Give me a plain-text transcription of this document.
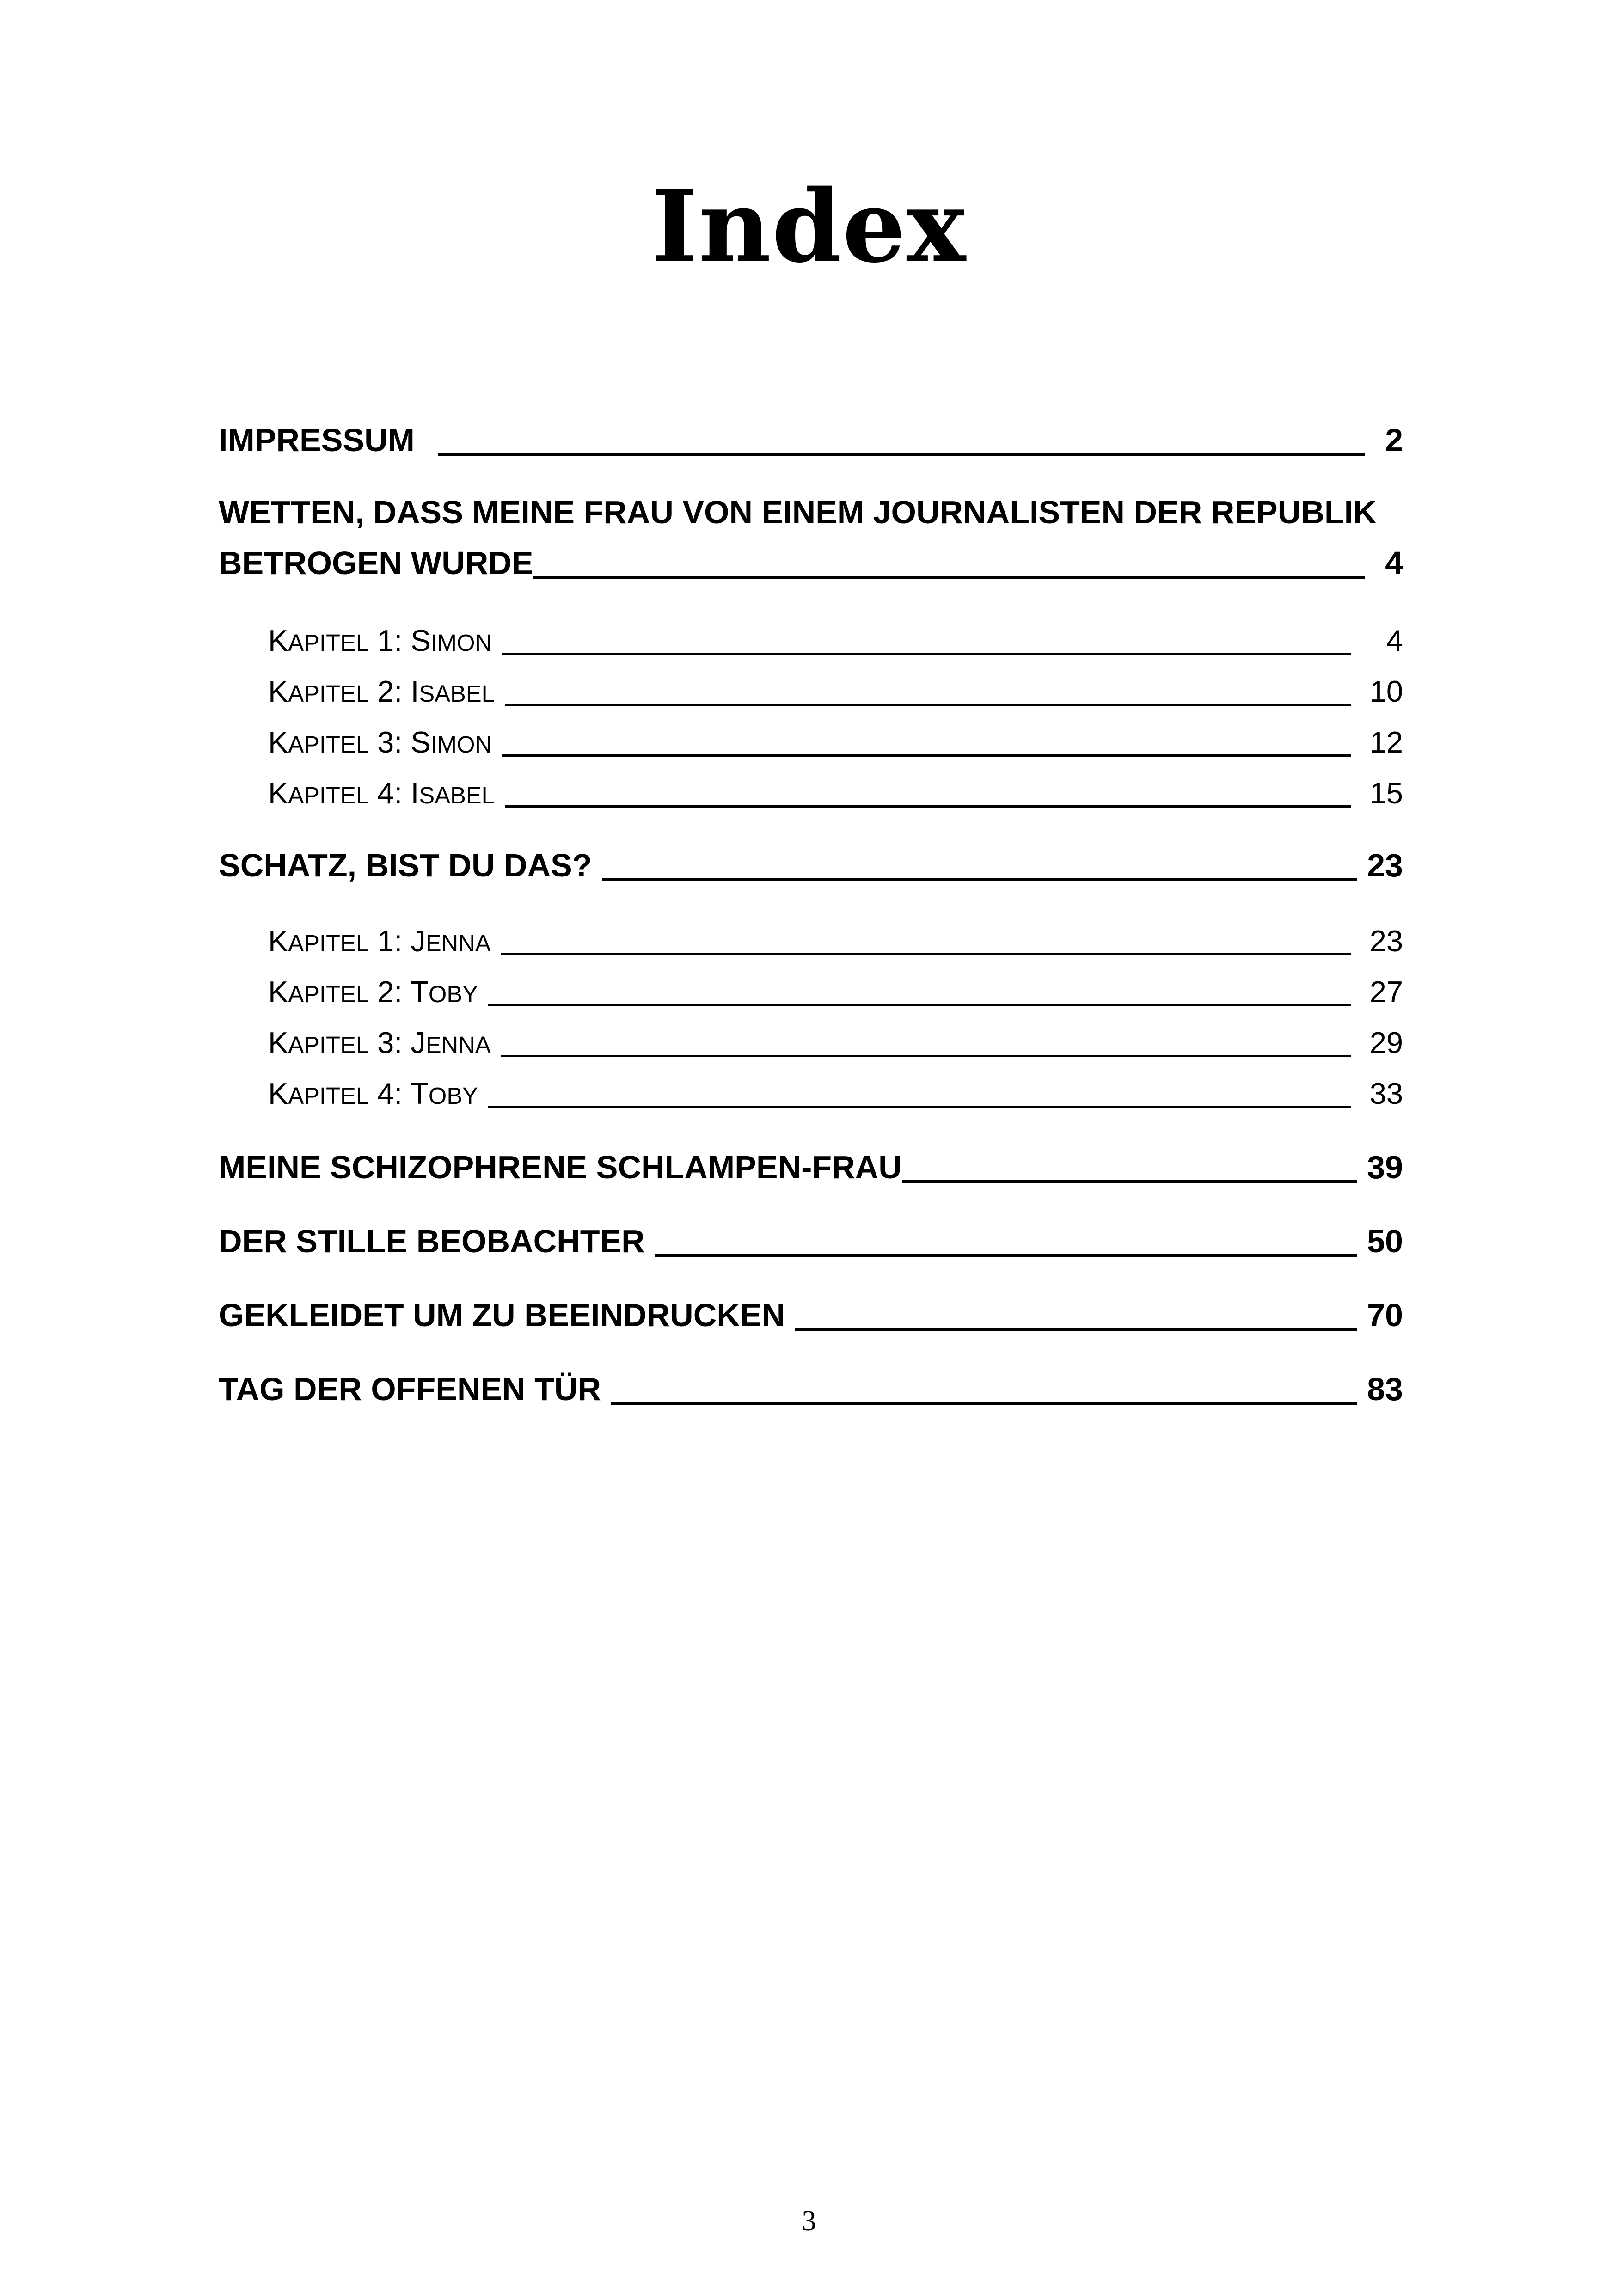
Index
IMPRESSUM	2
WETTEN, DASS MEINE FRAU VON EINEM JOURNALISTEN DER REPUBLIK
BETROGEN WURDE	4
KAPITEL 1: SIMON	4
KAPITEL 2: ISABEL	10
KAPITEL 3: SIMON	12
KAPITEL 4: ISABEL	15
SCHATZ, BIST DU DAS?	23
KAPITEL 1: JENNA	23
KAPITEL 2: TOBY	27
KAPITEL 3: JENNA	29
KAPITEL 4: TOBY	33
MEINE SCHIZOPHRENE SCHLAMPEN-FRAU	39
DER STILLE BEOBACHTER	50
GEKLEIDET UM ZU BEEINDRUCKEN	70
TAG DER OFFENEN TÜR	83
3
